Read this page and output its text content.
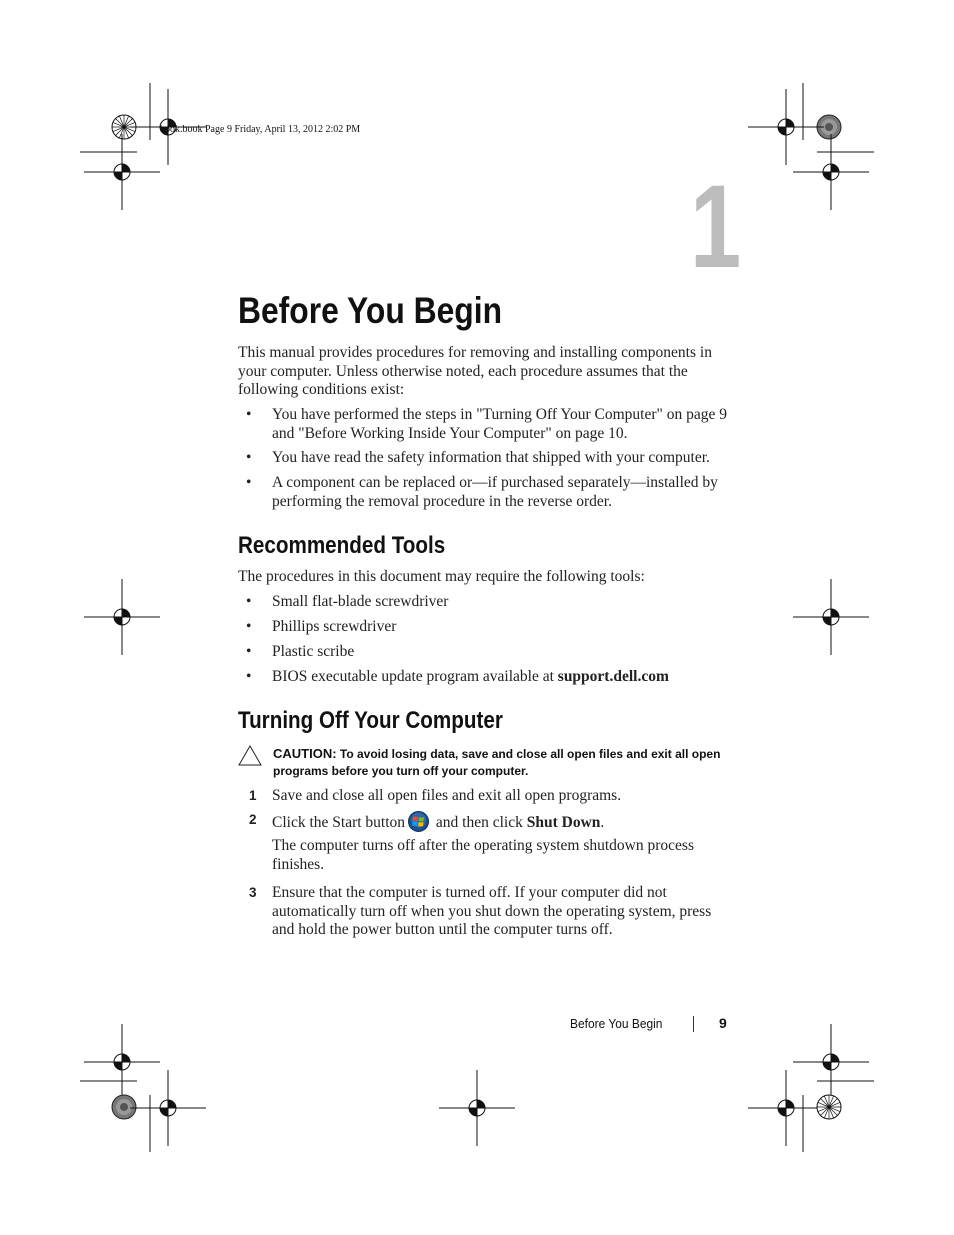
book.book Page 9 Friday, April 13, 2012 2:02 PM
1
Before You Begin
This manual provides procedures for removing and installing components in your computer. Unless otherwise noted, each procedure assumes that the following conditions exist:
• You have performed the steps in "Turning Off Your Computer" on page 9 and "Before Working Inside Your Computer" on page 10.
• You have read the safety information that shipped with your computer.
• A component can be replaced or—if purchased separately—installed by performing the removal procedure in the reverse order.
Recommended Tools
The procedures in this document may require the following tools:
• Small flat-blade screwdriver
• Phillips screwdriver
• Plastic scribe
• BIOS executable update program available at support.dell.com
Turning Off Your Computer
CAUTION: To avoid losing data, save and close all open files and exit all open programs before you turn off your computer.
1 Save and close all open files and exit all open programs.
2 Click the Start button and then click Shut Down.
The computer turns off after the operating system shutdown process finishes.
3 Ensure that the computer is turned off. If your computer did not automatically turn off when you shut down the operating system, press and hold the power button until the computer turns off.
Before You Begin	9
